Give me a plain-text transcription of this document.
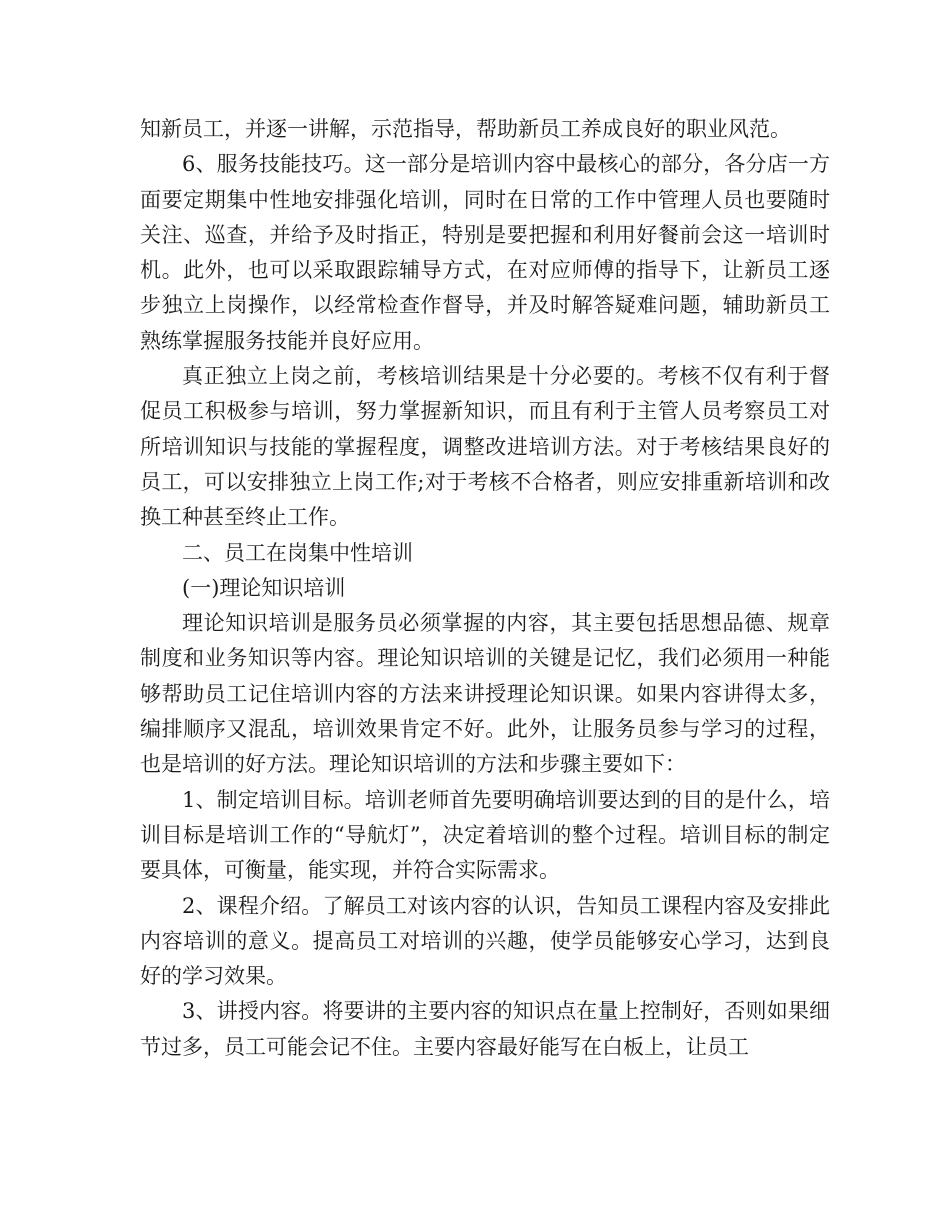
知新员工，并逐一讲解，示范指导，帮助新员工养成良好的职业风范。

6、服务技能技巧。这一部分是培训内容中最核心的部分，各分店一方面要定期集中性地安排强化培训，同时在日常的工作中管理人员也要随时关注、巡查，并给予及时指正，特别是要把握和利用好餐前会这一培训时机。此外，也可以采取跟踪辅导方式，在对应师傅的指导下，让新员工逐步独立上岗操作，以经常检查作督导，并及时解答疑难问题，辅助新员工熟练掌握服务技能并良好应用。

真正独立上岗之前，考核培训结果是十分必要的。考核不仅有利于督促员工积极参与培训，努力掌握新知识，而且有利于主管人员考察员工对所培训知识与技能的掌握程度，调整改进培训方法。对于考核结果良好的员工，可以安排独立上岗工作;对于考核不合格者，则应安排重新培训和改换工种甚至终止工作。

二、员工在岗集中性培训

(一)理论知识培训

理论知识培训是服务员必须掌握的内容，其主要包括思想品德、规章制度和业务知识等内容。理论知识培训的关键是记忆，我们必须用一种能够帮助员工记住培训内容的方法来讲授理论知识课。如果内容讲得太多，编排顺序又混乱，培训效果肯定不好。此外，让服务员参与学习的过程，也是培训的好方法。理论知识培训的方法和步骤主要如下：

1、制定培训目标。培训老师首先要明确培训要达到的目的是什么，培训目标是培训工作的“导航灯”，决定着培训的整个过程。培训目标的制定要具体，可衡量，能实现，并符合实际需求。

2、课程介绍。了解员工对该内容的认识，告知员工课程内容及安排此内容培训的意义。提高员工对培训的兴趣，使学员能够安心学习，达到良好的学习效果。

3、讲授内容。将要讲的主要内容的知识点在量上控制好，否则如果细节过多，员工可能会记不住。主要内容最好能写在白板上，让员工
